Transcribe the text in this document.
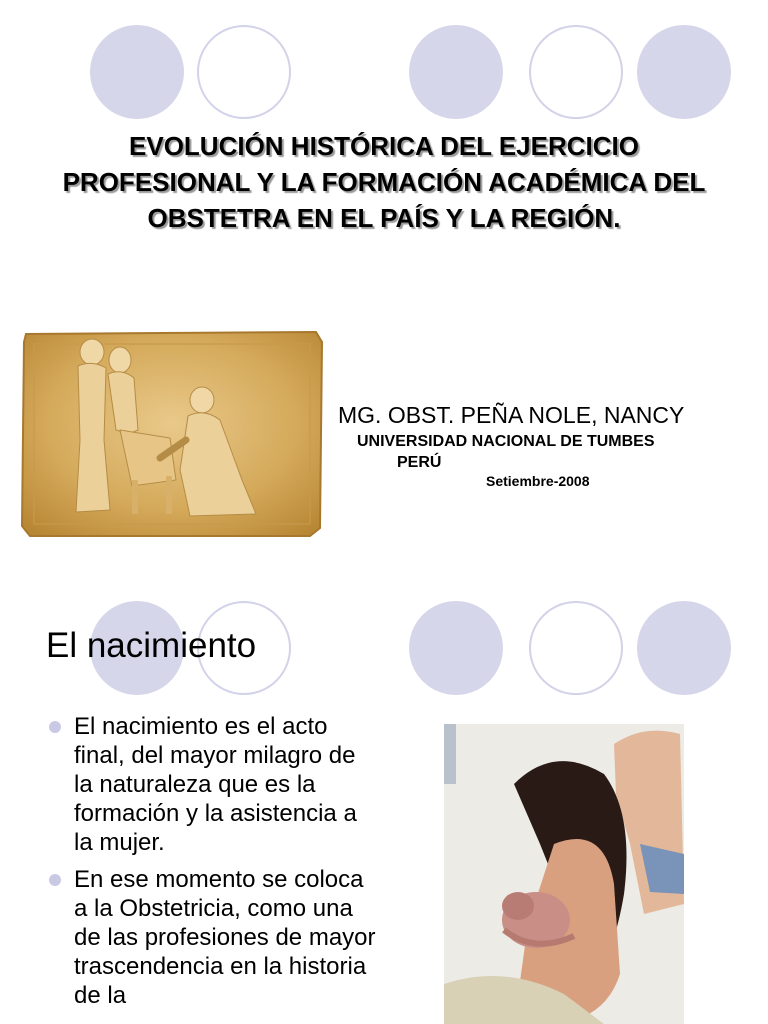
EVOLUCIÓN HISTÓRICA DEL EJERCICIO PROFESIONAL Y LA FORMACIÓN ACADÉMICA DEL OBSTETRA EN EL PAÍS Y LA REGIÓN.
MG. OBST. PEÑA NOLE, NANCY
UNIVERSIDAD NACIONAL DE TUMBES
PERÚ
Setiembre-2008
El nacimiento
El nacimiento es el acto final, del mayor milagro de la naturaleza que es la formación y la asistencia a la mujer.
En ese momento se coloca a la Obstetricia, como una de las profesiones de mayor trascendencia en la historia de la
